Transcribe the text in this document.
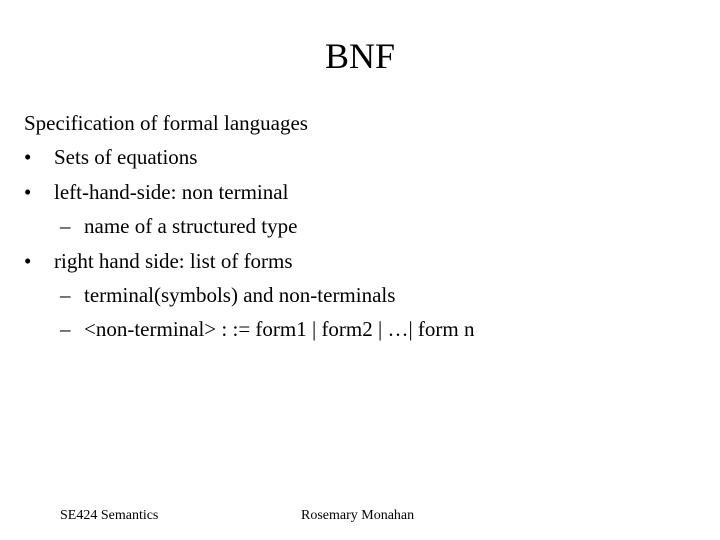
BNF
Specification of formal languages
• Sets of equations
• left-hand-side: non terminal
– name of a structured type
• right hand side: list of forms
– terminal(symbols) and non-terminals
– <non-terminal> : := form1 | form2 | …| form n
SE424 Semantics	Rosemary Monahan
